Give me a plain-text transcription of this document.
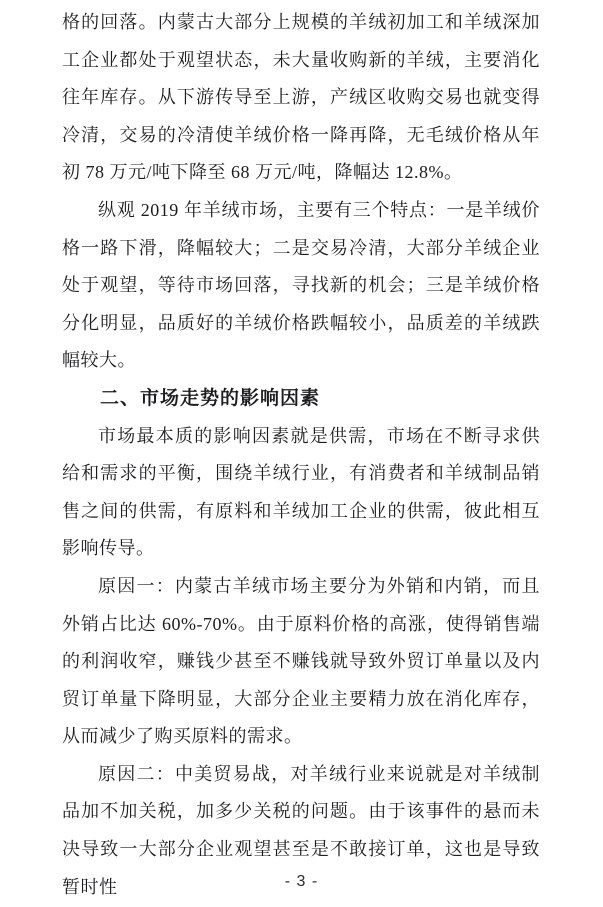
格的回落。内蒙古大部分上规模的羊绒初加工和羊绒深加工企业都处于观望状态，未大量收购新的羊绒，主要消化往年库存。从下游传导至上游，产绒区收购交易也就变得冷清，交易的冷清使羊绒价格一降再降，无毛绒价格从年初 78 万元/吨下降至 68 万元/吨，降幅达 12.8%。

纵观 2019 年羊绒市场，主要有三个特点：一是羊绒价格一路下滑，降幅较大；二是交易冷清，大部分羊绒企业处于观望，等待市场回落，寻找新的机会；三是羊绒价格分化明显，品质好的羊绒价格跌幅较小，品质差的羊绒跌幅较大。

二、市场走势的影响因素

市场最本质的影响因素就是供需，市场在不断寻求供给和需求的平衡，围绕羊绒行业，有消费者和羊绒制品销售之间的供需，有原料和羊绒加工企业的供需，彼此相互影响传导。

原因一：内蒙古羊绒市场主要分为外销和内销，而且外销占比达 60%-70%。由于原料价格的高涨，使得销售端的利润收窄，赚钱少甚至不赚钱就导致外贸订单量以及内贸订单量下降明显，大部分企业主要精力放在消化库存，从而减少了购买原料的需求。

原因二：中美贸易战，对羊绒行业来说就是对羊绒制品加不加关税，加多少关税的问题。由于该事件的悬而未决导致一大部分企业观望甚至是不敢接订单，这也是导致暂时性	- 3 -
